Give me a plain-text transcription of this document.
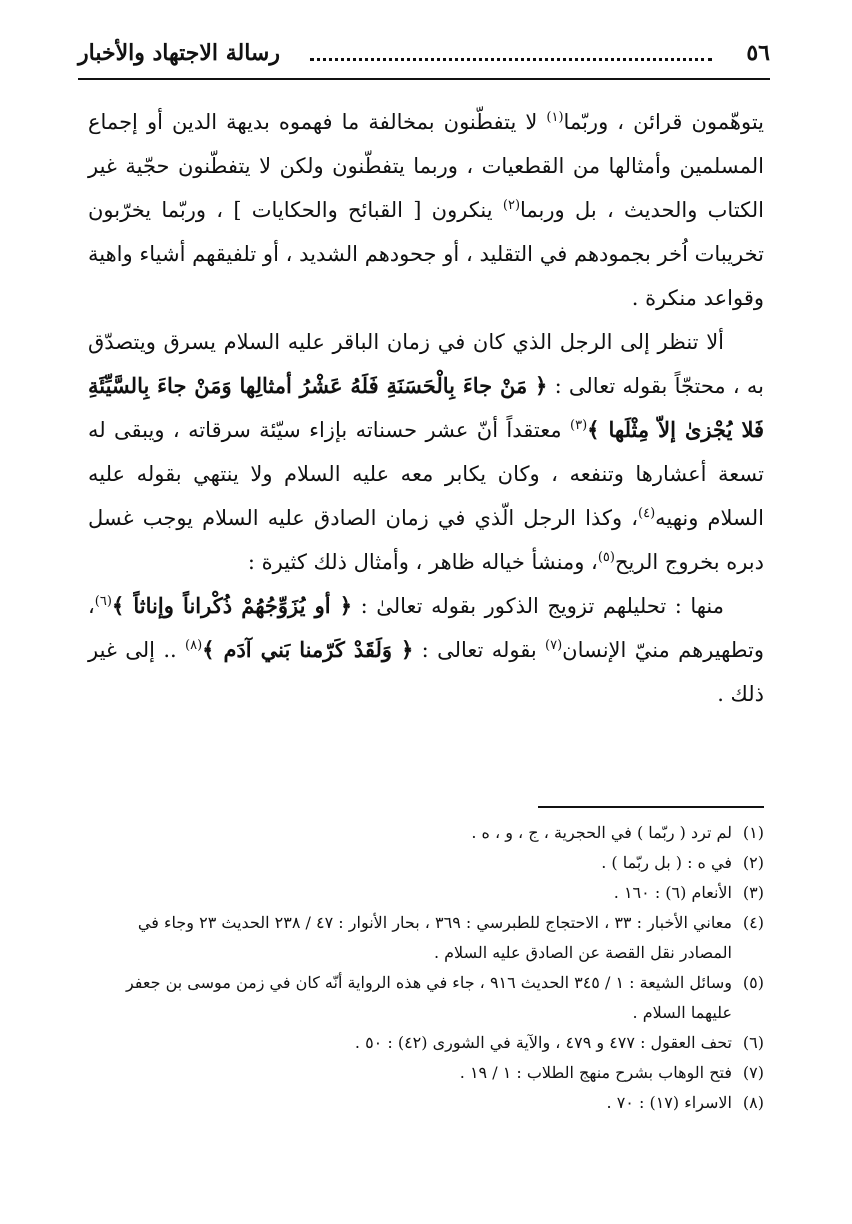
٥٦
رسالة الاجتهاد والأخبار

يتوهّمون قرائن ، وربّما$^{(١)}$ لا يتفطّنون بمخالفة ما فهموه بديهة الدين أو إجماع المسلمين وأمثالها من القطعيات ، وربما يتفطّنون ولكن لا يتفطّنون حجّية غير الكتاب والحديث ، بل وربما$^{(٢)}$ ينكرون [ القبائح والحكايات ] ، وربّما يخرّبون تخريبات اُخر بجمودهم في التقليد ، أو جحودهم الشديد ، أو تلفيقهم أشياء واهية وقواعد منكرة .

ألا تنظر إلى الرجل الذي كان في زمان الباقر عليه السلام يسرق ويتصدّق به ، محتجّاً بقوله تعالى : ﴿ مَنْ جاءَ بِالْحَسَنَةِ فَلَهُ عَشْرُ أمثالِها وَمَنْ جاءَ بِالسَّيِّئَةِ فَلا يُجْزىٰ إلاّ مِثْلَها ﴾$^{(٣)}$ معتقداً أنّ عشر حسناته بإزاء سيّئة سرقاته ، ويبقى له تسعة أعشارها وتنفعه ، وكان يكابر معه عليه السلام ولا ينتهي بقوله عليه السلام ونهيه$^{(٤)}$، وكذا الرجل الّذي في زمان الصادق عليه السلام يوجب غسل دبره بخروج الريح$^{(٥)}$، ومنشأ خياله ظاهر ، وأمثال ذلك كثيرة :

منها : تحليلهم تزويج الذكور بقوله تعالىٰ : ﴿ أو يُزَوِّجُهُمْ ذُكْراناً وإناثاً ﴾$^{(٦)}$، وتطهيرهم منيّ الإنسان$^{(٧)}$ بقوله تعالى : ﴿ وَلَقَدْ كَرّمنا بَني آدَم ﴾$^{(٨)}$ .. إلى غير ذلك .

(١)لم ترد ( ربّما ) في الحجرية ، ج ، و ، ه .

(٢)في ه : ( بل ربّما ) .

(٣)الأنعام (٦) : ١٦٠ .

(٤)معاني الأخبار : ٣٣ ، الاحتجاج للطبرسي : ٣٦٩ ، بحار الأنوار : ٤٧ / ٢٣٨ الحديث ٢٣ وجاء في المصادر نقل القصة عن الصادق عليه السلام .

(٥)وسائل الشيعة : ١ / ٣٤٥ الحديث ٩١٦ ، جاء في هذه الرواية أنّه كان في زمن موسى بن جعفر عليهما السلام .

(٦)تحف العقول : ٤٧٧ و ٤٧٩ ، والآية في الشورى (٤٢) : ٥٠ .

(٧)فتح الوهاب بشرح منهج الطلاب : ١ / ١٩ .

(٨)الاسراء (١٧) : ٧٠ .
